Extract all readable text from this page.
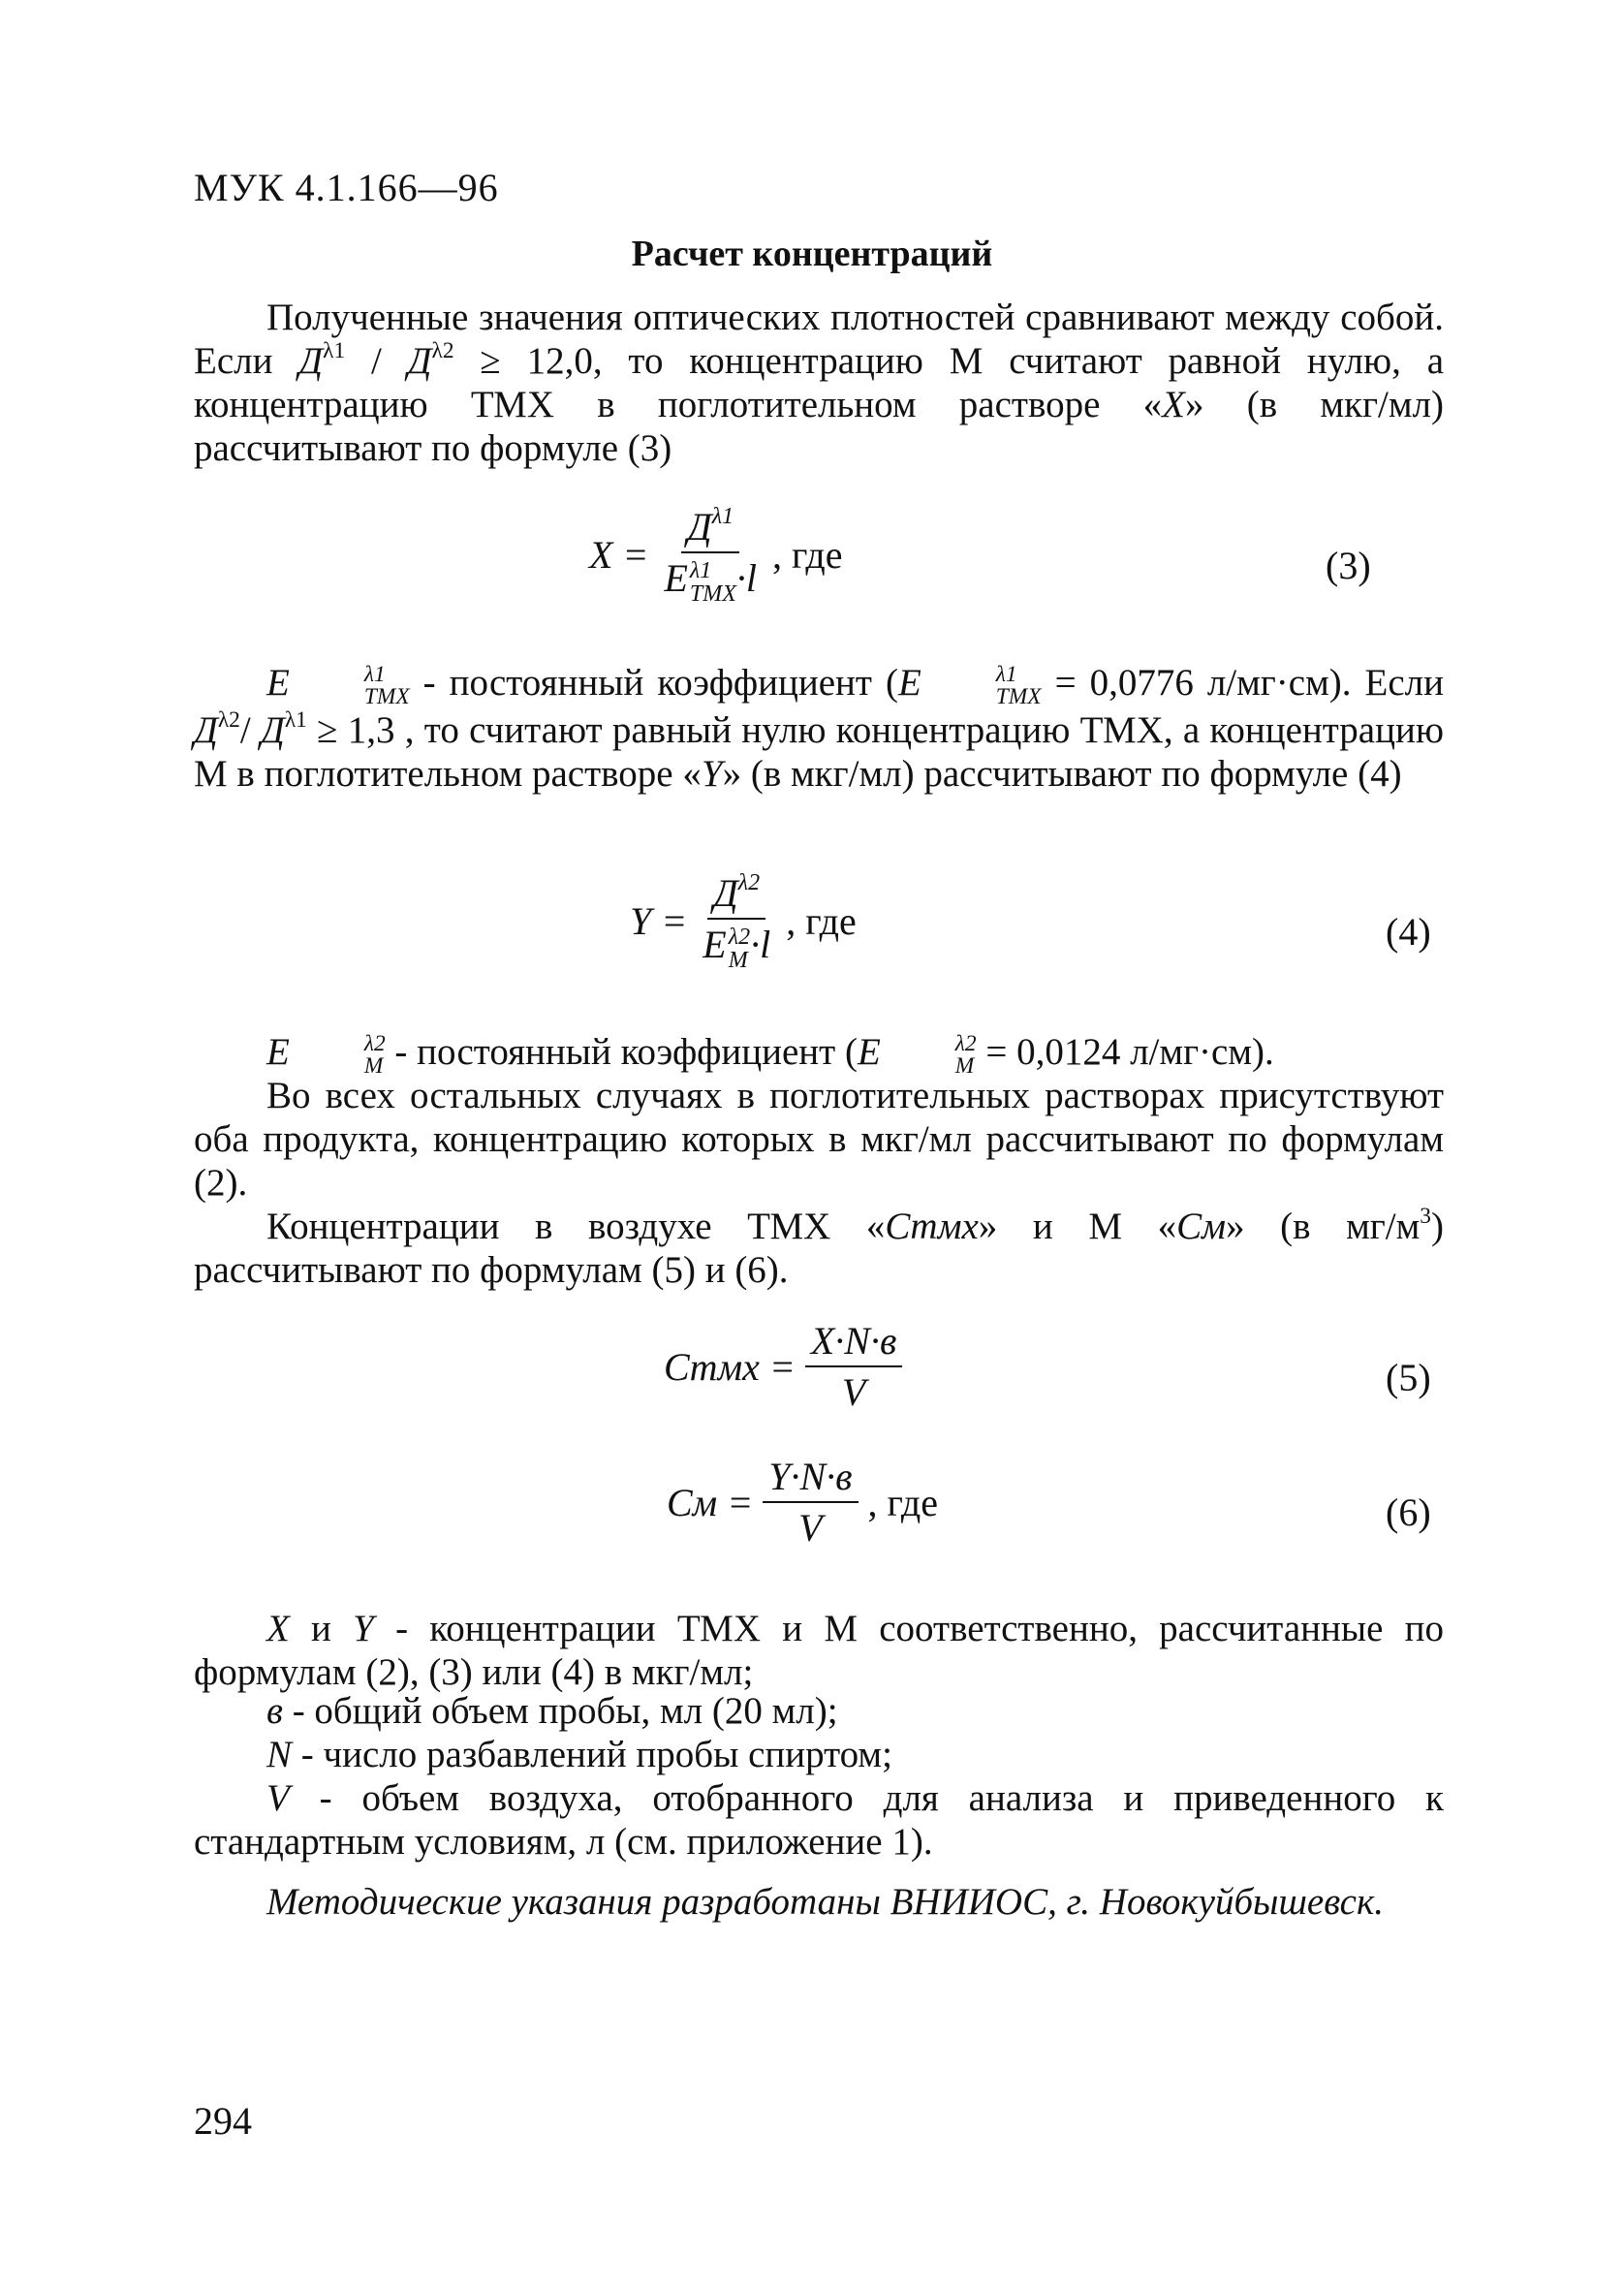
МУК 4.1.166—96
Расчет концентраций
Полученные значения оптических плотностей сравнивают между собой. Если $Д^{\lambda 1} / Д^{\lambda 2} \ge 12,0$, то концентрацию М считают равной нулю, а концентрацию ТМХ в поглотительном растворе «X» (в мкг/мл) рассчитывают по формуле (3)
$X = Д^{\lambda 1}$
E λ1
TMX ·l , где	(3)
E	λ1
TMX - постоянный коэффициент (E	λ1
TMX = 0,0776 л/мг·см). Если $Д^{\lambda 2}/$ $Д^{\lambda 1} \ge 1,3$ , то считают равный нулю концентрацию ТМХ, а концентрацию М в поглотительном растворе «Y» (в мкг/мл) рассчитывают по формуле (4)
$Y = Д^{\lambda 2}$
E λ2
M ·l , где	(4)
E	λ2
M - постоянный коэффициент (E	λ2
M = 0,0124 л/мг·см).
Во всех остальных случаях в поглотительных растворах присутствуют оба продукта, концентрацию которых в мкг/мл рассчитывают по формулам (2).
Концентрации в воздухе ТМХ «Cтмх» и М «Cм» (в $мг/м^3$) рассчитывают по формулам (5) и (6).
Cтмх = $\frac{X\cdot N\cdot в}{V}$	(5)
Cм = $\frac{Y\cdot N\cdot в}{V}$ , где	(6)
X и Y - концентрации ТМХ и М соответственно, рассчитанные по формулам (2), (3) или (4) в мкг/мл;
в - общий объем пробы, мл (20 мл);
N - число разбавлений пробы спиртом;
V - объем воздуха, отобранного для анализа и приведенного к стандартным условиям, л (см. приложение 1).
Методические указания разработаны ВНИИОС, г. Новокуйбышевск.
294
